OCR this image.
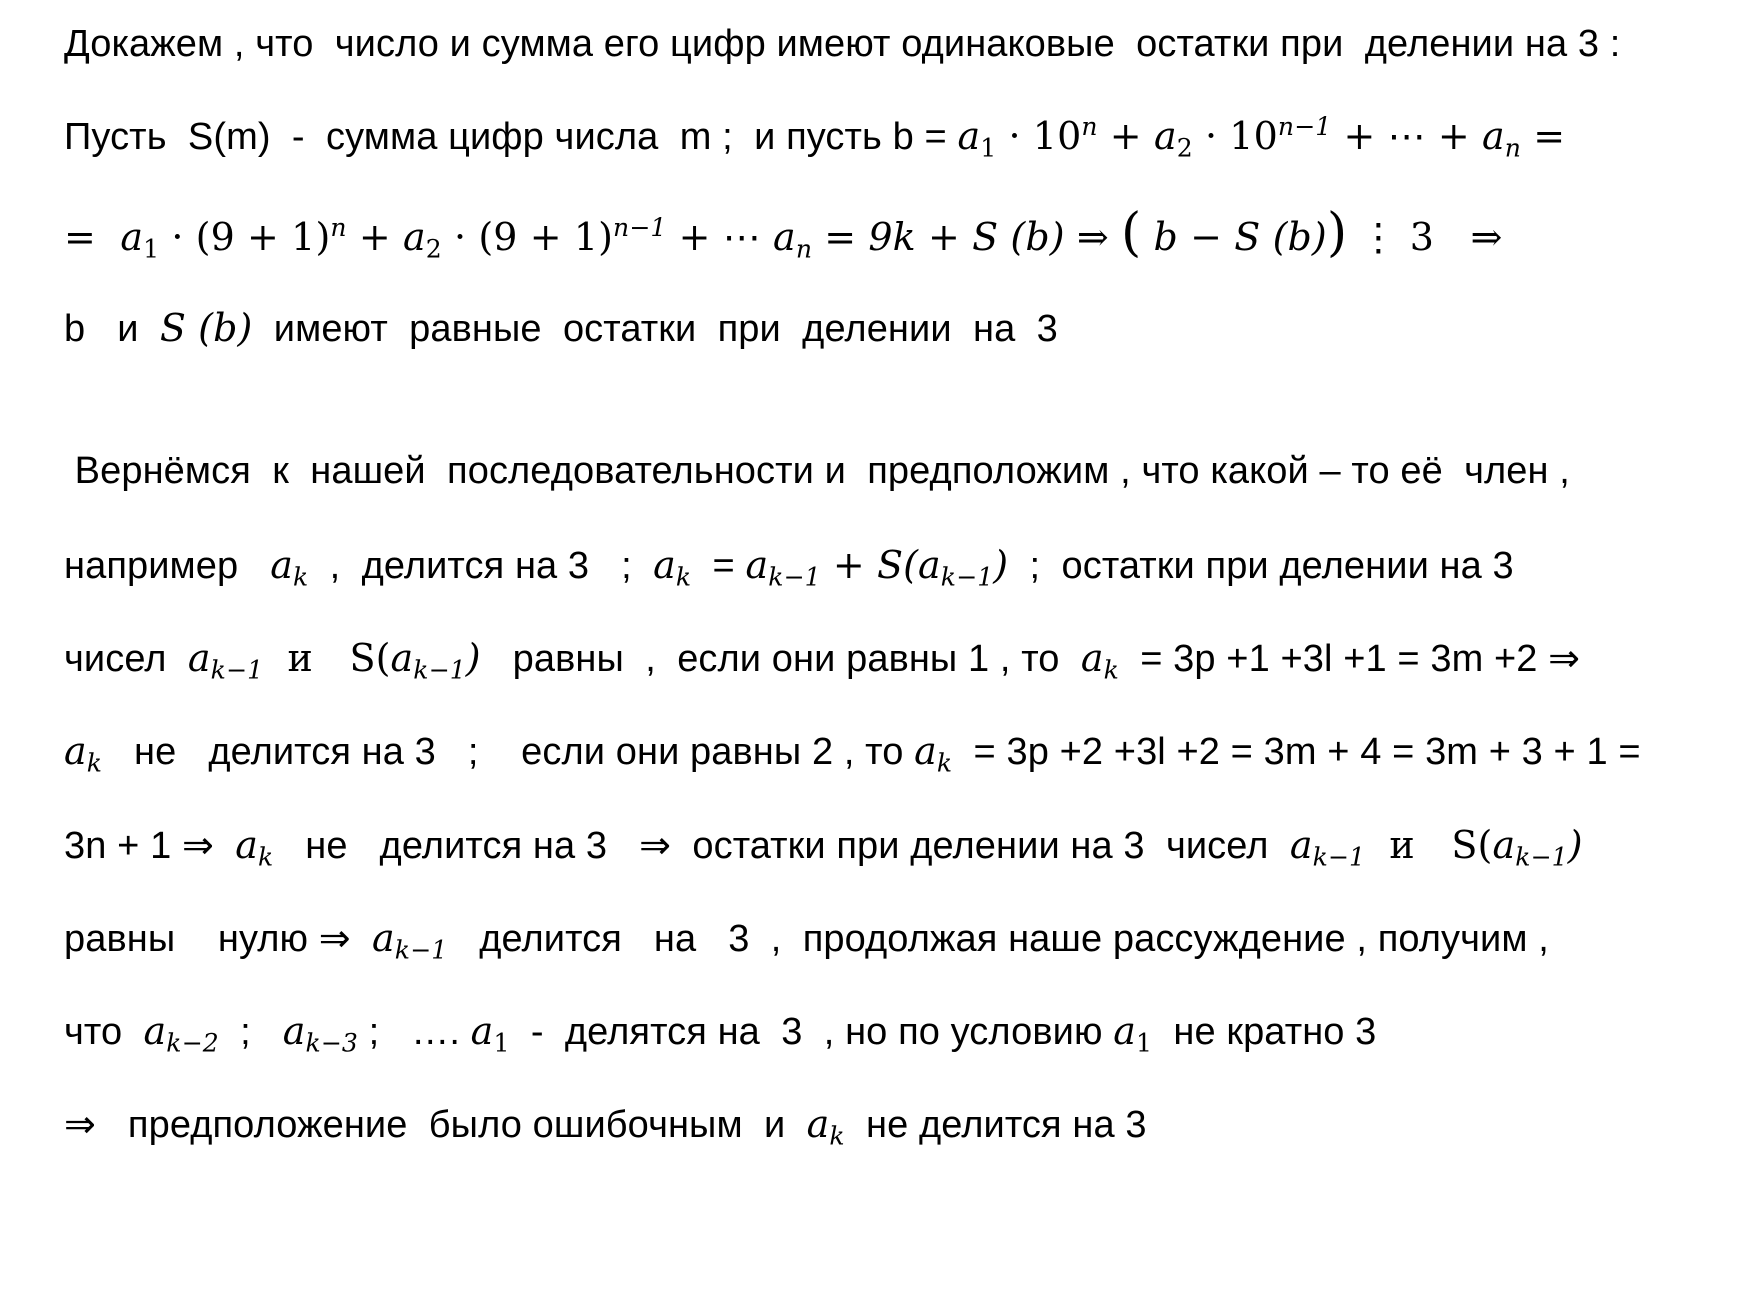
Докажем , что  число и сумма его цифр имеют одинаковые  остатки при  делении на 3 :
Пусть  S(m)  -  сумма цифр числа  m ;  и пусть $b = a_1 \cdot 10^n + a_2 \cdot 10^{n-1}$ + ⋯ + $a_n$ =
=  $a_1 \cdot (9 + 1)^n + a_2 \cdot (9 + 1)^{n-1}$ + ⋯ $a_n = 9k + S$ (b) ⇒ ( b − S (b)) ⋮ 3   ⇒
b   и  S (b)  имеют  равные  остатки  при  делении  на  3
Вернёмся  к  нашей  последовательности и  предположим , что какой – то её  член ,
например   $a_k$  ,  делится на 3   ;  $a_k = a_{k-1} + S(a_{k-1})$  ;  остатки при делении на 3
чисел  $a_{k-1}$  и   $S(a_{k-1})$   равны  ,  если они равны 1 , то  $a_k = 3p +1 +3l +1 = 3m +2$ ⇒
$a_k$   не   делится на 3   ;    если они равны 2 , то $a_k = 3p +2 +3l +2 = 3m + 4 = 3m + 3 + 1$ =
3n + 1 ⇒  $a_k$   не   делится на 3   ⇒  остатки при делении на 3  чисел  $a_{k-1}$  и   $S(a_{k-1})$
равны    нулю ⇒  $a_{k-1}$   делится   на   3  ,  продолжая наше рассуждение , получим ,
что  $a_{k-2}$  ;   $a_{k-3}$ ;   …. $a_1$  -  делятся на  3  , но по условию $a_1$  не кратно 3
⇒   предположение  было ошибочным  и  $a_k$  не делится на 3
